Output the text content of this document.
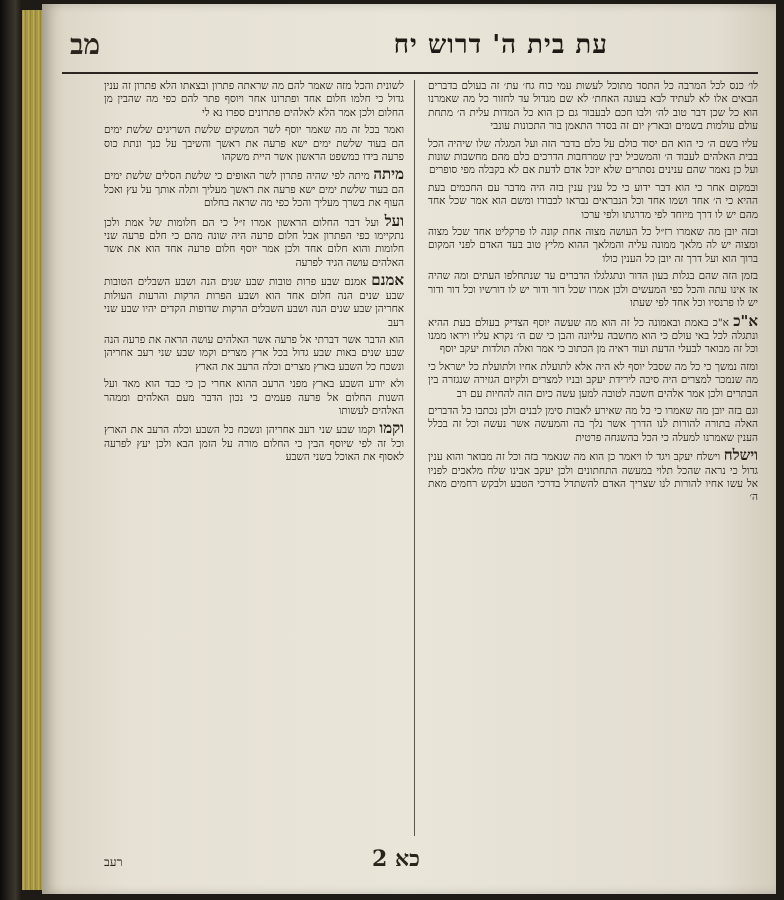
עת בית ה' דרוש יח
מב

לו׳ כנס לכל המרבה כל התסד מתוכל לעשות עמי כוח גח׳ עת׳ זה בעולם בדברים הבאים אלו לא לעתיד לבא בעונה האחת׳ לא שם מגדול עד לחזור כל מה שאמרנו הוא כל שכן דבר טוב לה׳ ולבו חכם לבעבור גם כן הוא כל המדות עלית ה׳ מתחת עולם עולמות בשמים ובארץ יום זה בסדר התאמן בור התכונות עונבי

עליו בשם ה׳ כי הוא הם יסוד כולם על כלם בדבר הזה ועל המגלה שלו שיהיה הכל בבית האלהים לעבוד ה׳ והמשכיל יבין שמרחבות הדרכים כלם מהם מחשבות שונות ועל כן נאמר שהם ענינים נסתרים שלא יוכל אדם לדעת אם לא בקבלה מפי סופרים

ובמקום אחר כי הוא דבר ידוע כי כל ענין ענין בזה היה מדבר עם החכמים בעת ההיא כי ה׳ אחד ושמו אחד וכל הנבראים נבראו לכבודו ומשם הוא אמר שכל אחד מהם יש לו דרך מיוחד לפי מדרגתו ולפי ערכו

ובזה יובן מה שאמרו רז״ל כל העושה מצוה אחת קונה לו פרקליט אחד שכל מצוה ומצוה יש לה מלאך ממונה עליה והמלאך ההוא מליץ טוב בעד האדם לפני המקום ברוך הוא ועל דרך זה יובן כל הענין כולו

בזמן הזה שהם בגלות בעון הדור ונתגלגלו הדברים עד שנתחלפו העתים ומה שהיה אז אינו עתה והכל כפי המעשים ולכן אמרו שכל דור ודור יש לו דורשיו וכל דור ודור יש לו פרנסיו וכל אחד לפי שעתו

א"כ א"כ באמת ובאמונה כל זה הוא מה שעשה יוסף הצדיק בעולם בעת ההיא ונתגלה לכל באי עולם כי הוא מחשבה עליונה והבן כי שם ה׳ נקרא עליו ויראו ממנו וכל זה מבואר לבעלי הדעת ועוד ראיה מן הכתוב כי אמר ואלה תולדות יעקב יוסף

ומזה נמשך כי כל מה שסבל יוסף לא היה אלא לתועלת אחיו ולתועלת כל ישראל כי מה שנמכר למצרים היה סיבה לירידת יעקב ובניו למצרים ולקיום הגזירה שנגזרה בין הבתרים ולכן אמר אלהים חשבה לטובה למען עשה כיום הזה להחיות עם רב

וגם בזה יובן מה שאמרו כי כל מה שאירע לאבות סימן לבנים ולכן נכתבו כל הדברים האלה בתורה להורות לנו הדרך אשר נלך בה והמעשה אשר נעשה וכל זה בכלל הענין שאמרנו למעלה כי הכל בהשגחה פרטית

וישלח וישלח יעקב ויגד לו ויאמר כן הוא מה שנאמר בזה וכל זה מבואר והוא ענין גדול כי נראה שהכל תלוי במעשה התחתונים ולכן יעקב אבינו שלח מלאכים לפניו אל עשו אחיו להורות לנו שצריך האדם להשתדל בדרכי הטבע ולבקש רחמים מאת ה׳

לשונית והכל מזה שאמר להם מה שראתה פתרון ובצאתו הלא פתרון זה ענין גדול כי חלמו חלום אחד ופתרונו אחר ויוסף פתר להם כפי מה שהבין מן החלום ולכן אמר הלא לאלהים פתרונים ספרו נא לי

ואמר בכל זה מה שאמר יוסף לשר המשקים שלשת השריגים שלשת ימים הם בעוד שלשת ימים ישא פרעה את ראשך והשיבך על כנך ונתת כוס פרעה בידו כמשפט הראשון אשר היית משקהו

מיתה מיתה לפי שהיה פתרון לשר האופים כי שלשת הסלים שלשת ימים הם בעוד שלשת ימים ישא פרעה את ראשך מעליך ותלה אותך על עץ ואכל העוף את בשרך מעליך והכל כפי מה שראה בחלום

ועל ועל דבר החלום הראשון אמרו ז״ל כי הם חלומות של אמת ולכן נתקיימו כפי הפתרון אבל חלום פרעה היה שונה מהם כי חלם פרעה שני חלומות והוא חלום אחד ולכן אמר יוסף חלום פרעה אחד הוא את אשר האלהים עושה הגיד לפרעה

אמנם אמנם שבע פרות טובות שבע שנים הנה ושבע השבלים הטובות שבע שנים הנה חלום אחד הוא ושבע הפרות הרקות והרעות העולות אחריהן שבע שנים הנה ושבע השבלים הרקות שדופות הקדים יהיו שבע שני רעב

הוא הדבר אשר דברתי אל פרעה אשר האלהים עושה הראה את פרעה הנה שבע שנים באות שבע גדול בכל ארץ מצרים וקמו שבע שני רעב אחריהן ונשכח כל השבע בארץ מצרים וכלה הרעב את הארץ

ולא יודע השבע בארץ מפני הרעב ההוא אחרי כן כי כבד הוא מאד ועל השנות החלום אל פרעה פעמים כי נכון הדבר מעם האלהים וממהר האלהים לעשותו

וקמו וקמו שבע שני רעב אחריהן ונשכח כל השבע וכלה הרעב את הארץ וכל זה לפי שיוסף הבין כי החלום מורה על הזמן הבא ולכן יעץ לפרעה לאסוף את האוכל בשני השבע

כא 2
רעב
